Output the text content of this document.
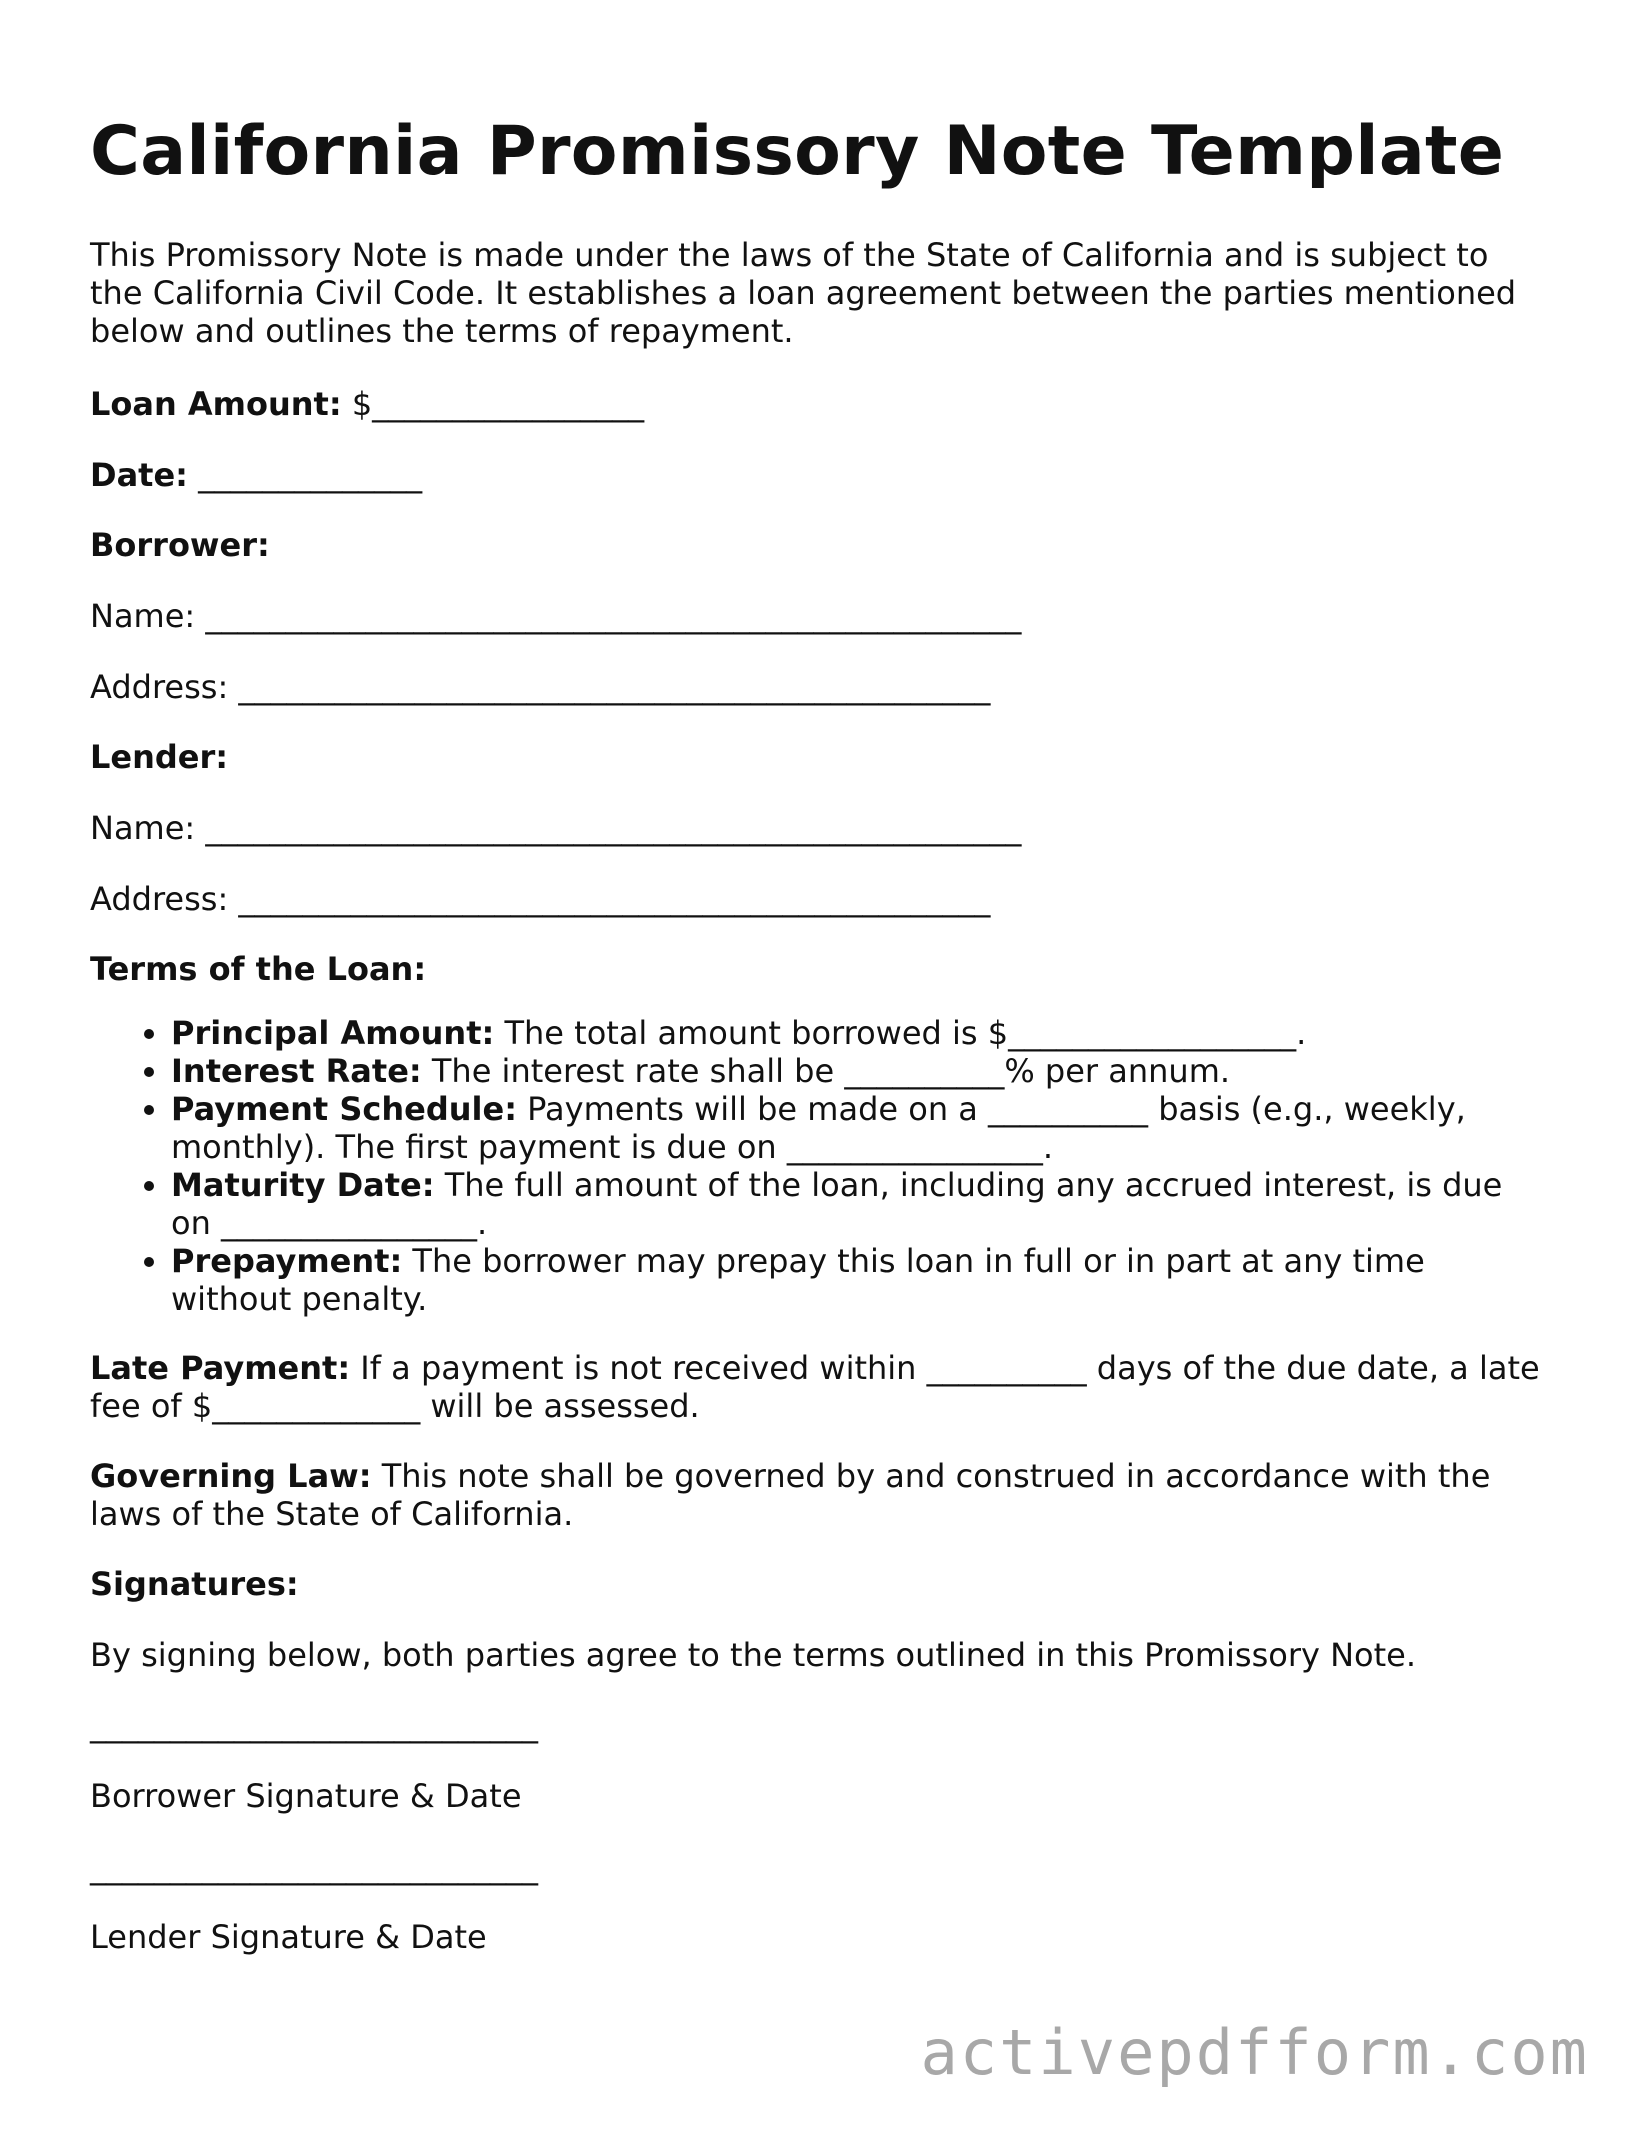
California Promissory Note Template

This Promissory Note is made under the laws of the State of California and is subject to
the California Civil Code. It establishes a loan agreement between the parties mentioned
below and outlines the terms of repayment.

Loan Amount: $_________________

Date: ______________

Borrower:

Name: ___________________________________________________

Address: _______________________________________________

Lender:

Name: ___________________________________________________

Address: _______________________________________________

Terms of the Loan:

• Principal Amount: The total amount borrowed is $__________________.
• Interest Rate: The interest rate shall be __________% per annum.
• Payment Schedule: Payments will be made on a __________ basis (e.g., weekly,
monthly). The first payment is due on ________________.
• Maturity Date: The full amount of the loan, including any accrued interest, is due
on ________________.
• Prepayment: The borrower may prepay this loan in full or in part at any time
without penalty.

Late Payment: If a payment is not received within __________ days of the due date, a late
fee of $_____________ will be assessed.

Governing Law: This note shall be governed by and construed in accordance with the
laws of the State of California.

Signatures:

By signing below, both parties agree to the terms outlined in this Promissory Note.

____________________________

Borrower Signature & Date

____________________________

Lender Signature & Date

activepdfform.com
